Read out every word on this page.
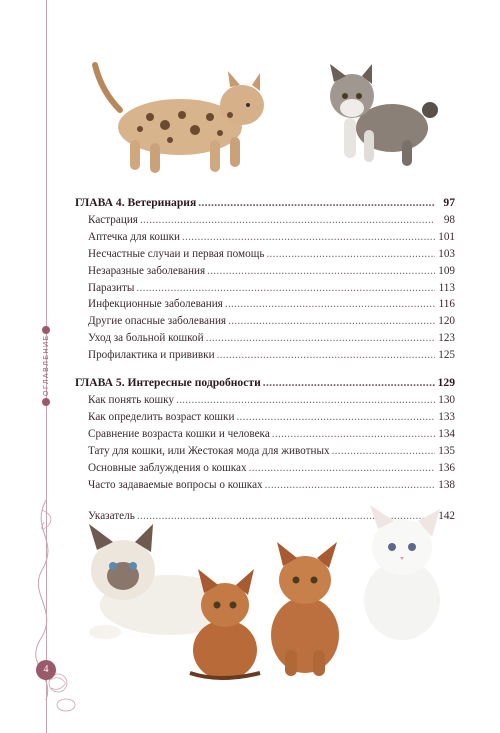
ОГЛАВЛЕНИЕ
4
ГЛАВА 4. Ветеринария .....	97
Кастрация .....	98
Аптечка для кошки .....	101
Несчастные случаи и первая помощь .....	103
Незаразные заболевания .....	109
Паразиты .....	113
Инфекционные заболевания .....	116
Другие опасные заболевания .....	120
Уход за больной кошкой .....	123
Профилактика и прививки .....	125
ГЛАВА 5. Интересные подробности .....	129
Как понять кошку .....	130
Как определить возраст кошки .....	133
Сравнение возраста кошки и человека .....	134
Тату для кошки, или Жестокая мода для животных .....	135
Основные заблуждения о кошках .....	136
Часто задаваемые вопросы о кошках .....	138
Указатель .....	142
